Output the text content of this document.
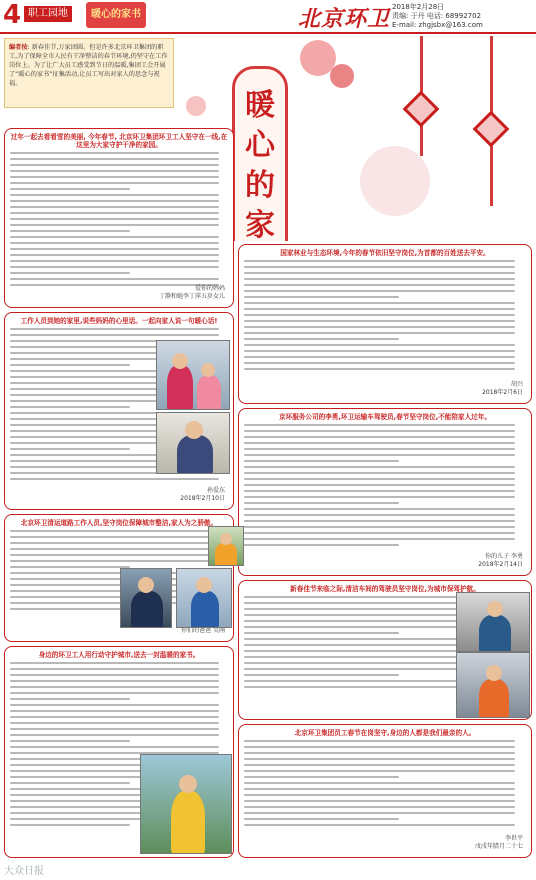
4 职工园地	暖心的家书	北京环卫 2018年2月28日
责编: 于丹 电话: 68992702
E-mail: zhgjsbx@163.com
编者按: 新春佳节,万家团圆。但是许多北京环卫集团的职工,为了保障全市人民有干净整洁的春节环境,仍坚守在工作岗位上。为了让广大员工感受到节日的温暖,集团工会开展了“暖心的家书”征集活动,让员工写出对家人的思念与祝福。
暖
心
的
家
过年一起去看看雪的美丽, 今年春节, 北京环卫集团环卫工人坚守在一线,在这里为大家守护干净的家园。
爱你的妈妈
丁静和她李丁萍五岁女儿
工作人员到她的家里,说些妈妈的心里话。一起向家人说一句暖心话!
孙爱东
2018年2月10日
北京环卫清运道路工作人员,坚守岗位保障城市整洁,家人为之骄傲。
你们的爸爸 吴刚
身边的环卫工人用行动守护城市,送去一封温暖的家书。
国家林业与生态环境,今年的春节依旧坚守岗位,为首都的百姓送去平安。
胡兴
2018年2月6日
京环服务公司的李勇,环卫运输车驾驶员,春节坚守岗位,不能陪家人过年。
你的儿子 李勇
2018年2月14日
新春佳节来临之际,清洁车间的驾驶员坚守岗位,为城市保驾护航。
北京环卫集团员工春节在岗坚守,身边的人都是我们最亲的人。
李世平
戊戌年腊月二十七
大众日报
